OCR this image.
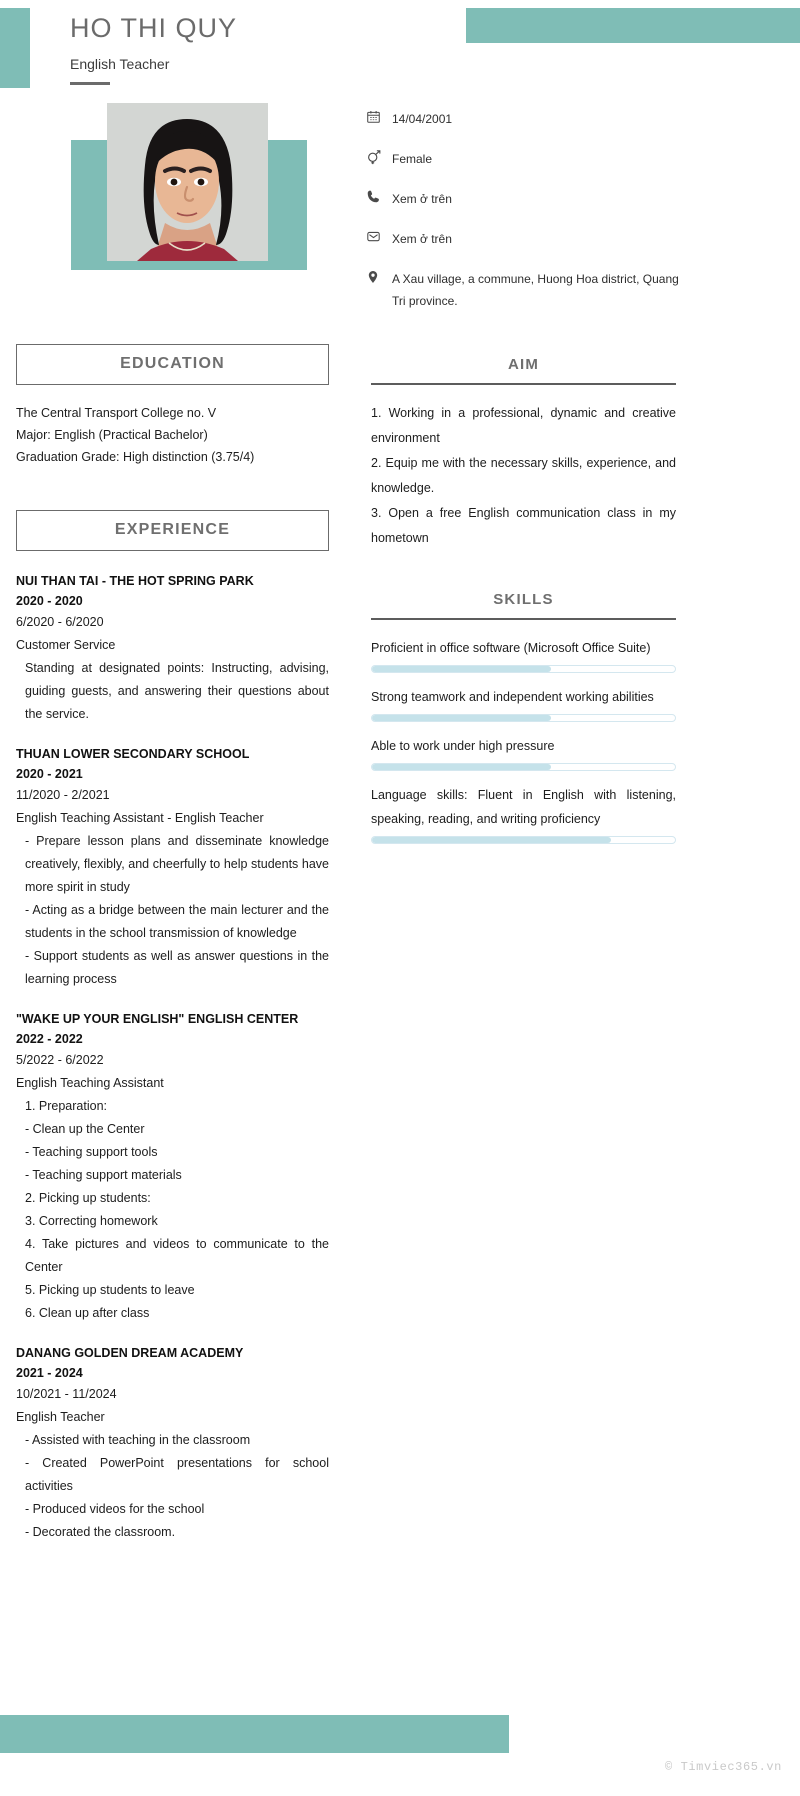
HO THI QUY
English Teacher
14/04/2001
Female
Xem ở trên
Xem ở trên
A Xau village, a commune, Huong Hoa district, Quang Tri province.
EDUCATION
The Central Transport College no. V
Major: English (Practical Bachelor)
Graduation Grade: High distinction (3.75/4)
EXPERIENCE
NUI THAN TAI - THE HOT SPRING PARK
2020 - 2020
6/2020 - 6/2020
Customer Service
Standing at designated points: Instructing, advising, guiding guests, and answering their questions about the service.
THUAN LOWER SECONDARY SCHOOL
2020 - 2021
11/2020 - 2/2021
English Teaching Assistant - English Teacher
- Prepare lesson plans and disseminate knowledge creatively, flexibly, and cheerfully to help students have more spirit in study
- Acting as a bridge between the main lecturer and the students in the school transmission of knowledge
- Support students as well as answer questions in the learning process
"WAKE UP YOUR ENGLISH" ENGLISH CENTER
2022 - 2022
5/2022 - 6/2022
English Teaching Assistant
1. Preparation:
- Clean up the Center
- Teaching support tools
- Teaching support materials
2. Picking up students:
3. Correcting homework
4. Take pictures and videos to communicate to the Center
5. Picking up students to leave
6. Clean up after class
DANANG GOLDEN DREAM ACADEMY
2021 - 2024
10/2021 - 11/2024
English Teacher
- Assisted with teaching in the classroom
- Created PowerPoint presentations for school activities
- Produced videos for the school
- Decorated the classroom.
AIM
1. Working in a professional, dynamic and creative environment
2. Equip me with the necessary skills, experience, and knowledge.
3. Open a free English communication class in my hometown
SKILLS
Proficient in office software (Microsoft Office Suite)
Strong teamwork and independent working abilities
Able to work under high pressure
Language skills: Fluent in English with listening, speaking, reading, and writing proficiency
© Timviec365.vn
